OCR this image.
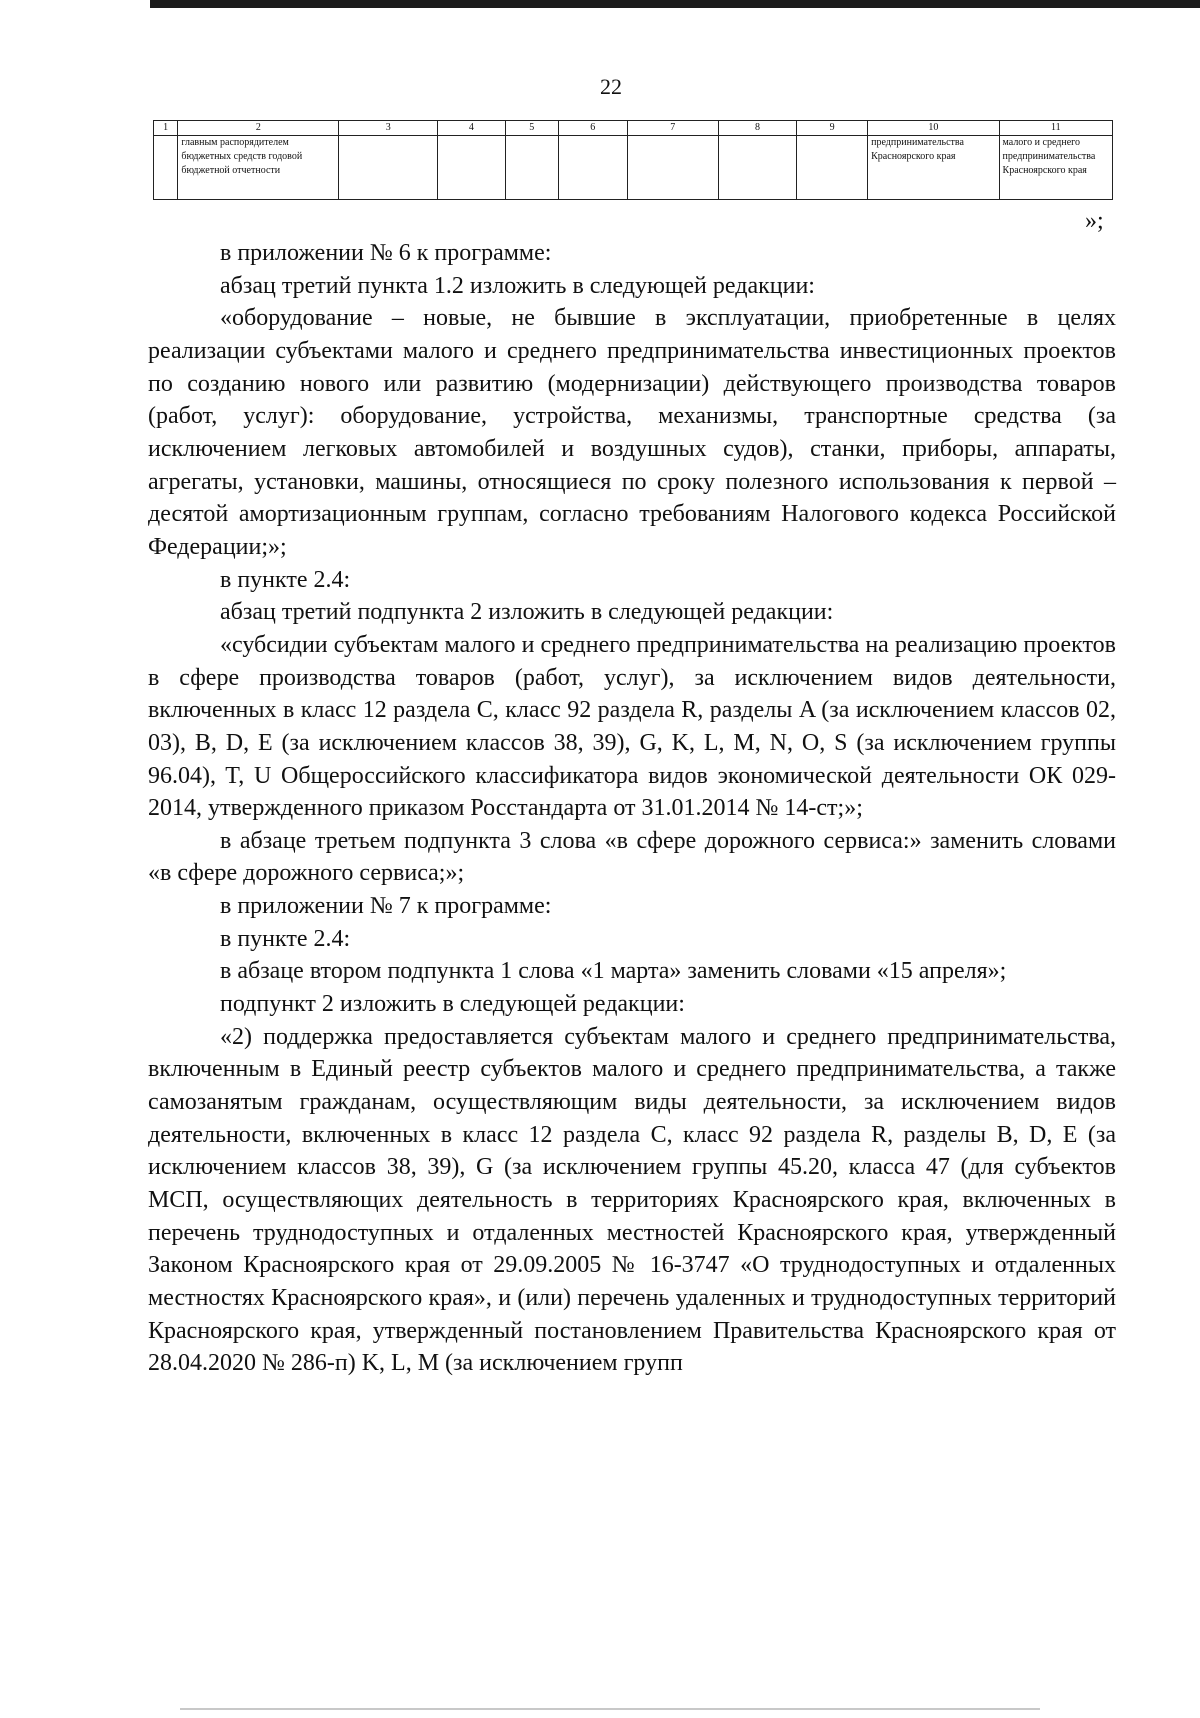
22
1	2	3	4	5	6	7	8	9	10	11
	главным распорядителем бюджетных средств годовой бюджетной отчетности								предпринимательства Красноярского края	малого и среднего предпринимательства Красноярского края
»;

в приложении № 6 к программе:

абзац третий пункта 1.2 изложить в следующей редакции:

«оборудование – новые, не бывшие в эксплуатации, приобретенные в целях реализации субъектами малого и среднего предпринимательства инвестиционных проектов по созданию нового или развитию (модернизации) действующего производства товаров (работ, услуг): оборудование, устройства, механизмы, транспортные средства (за исключением легковых автомобилей и воздушных судов), станки, приборы, аппараты, агрегаты, установки, машины, относящиеся по сроку полезного использования к первой – десятой амортизационным группам, согласно требованиям Налогового кодекса Российской Федерации;»;

в пункте 2.4:

абзац третий подпункта 2 изложить в следующей редакции:

«субсидии субъектам малого и среднего предпринимательства на реализацию проектов в сфере производства товаров (работ, услуг), за исключением видов деятельности, включенных в класс 12 раздела C, класс 92 раздела R, разделы A (за исключением классов 02, 03), B, D, E (за исключением классов 38, 39), G, K, L, M, N, O, S (за исключением группы 96.04), T, U Общероссийского классификатора видов экономической деятельности ОК 029-2014, утвержденного приказом Росстандарта от 31.01.2014 № 14-ст;»;

в абзаце третьем подпункта 3 слова «в сфере дорожного сервиса:» заменить словами «в сфере дорожного сервиса;»;

в приложении № 7 к программе:

в пункте 2.4:

в абзаце втором подпункта 1 слова «1 марта» заменить словами «15 апреля»;

подпункт 2 изложить в следующей редакции:

«2) поддержка предоставляется субъектам малого и среднего предпринимательства, включенным в Единый реестр субъектов малого и среднего предпринимательства, а также самозанятым гражданам, осуществляющим виды деятельности, за исключением видов деятельности, включенных в класс 12 раздела C, класс 92 раздела R, разделы B, D, E (за исключением классов 38, 39), G (за исключением группы 45.20, класса 47 (для субъектов МСП, осуществляющих деятельность в территориях Красноярского края, включенных в перечень труднодоступных и отдаленных местностей Красноярского края, утвержденный Законом Красноярского края от 29.09.2005 № 16-3747 «О труднодоступных и отдаленных местностях Красноярского края», и (или) перечень удаленных и труднодоступных территорий Красноярского края, утвержденный постановлением Правительства Красноярского края от 28.04.2020 № 286-п) K, L, M (за исключением групп
